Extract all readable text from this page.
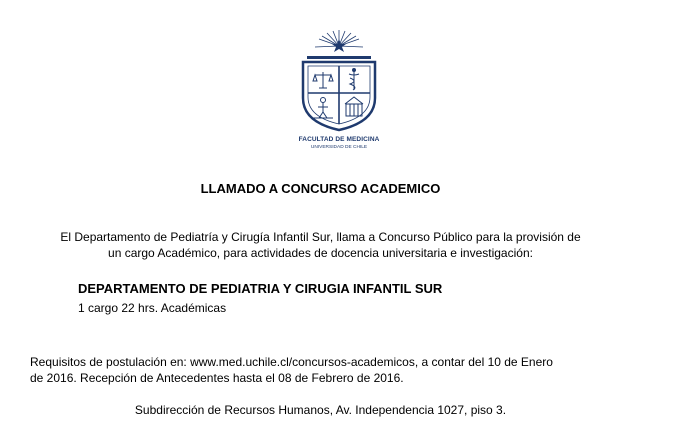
FACULTAD DE MEDICINA
UNIVERSIDAD DE CHILE
LLAMADO A CONCURSO ACADEMICO
El Departamento de Pediatría y Cirugía Infantil Sur, llama a Concurso Público para la provisión de
un cargo Académico, para actividades de docencia universitaria e investigación:
DEPARTAMENTO DE PEDIATRIA Y CIRUGIA INFANTIL SUR
1 cargo 22 hrs. Académicas
Requisitos de postulación en: www.med.uchile.cl/concursos-academicos, a contar del 10 de Enero
de 2016. Recepción de Antecedentes hasta el 08 de Febrero de 2016.
Subdirección de Recursos Humanos, Av. Independencia 1027, piso 3.
